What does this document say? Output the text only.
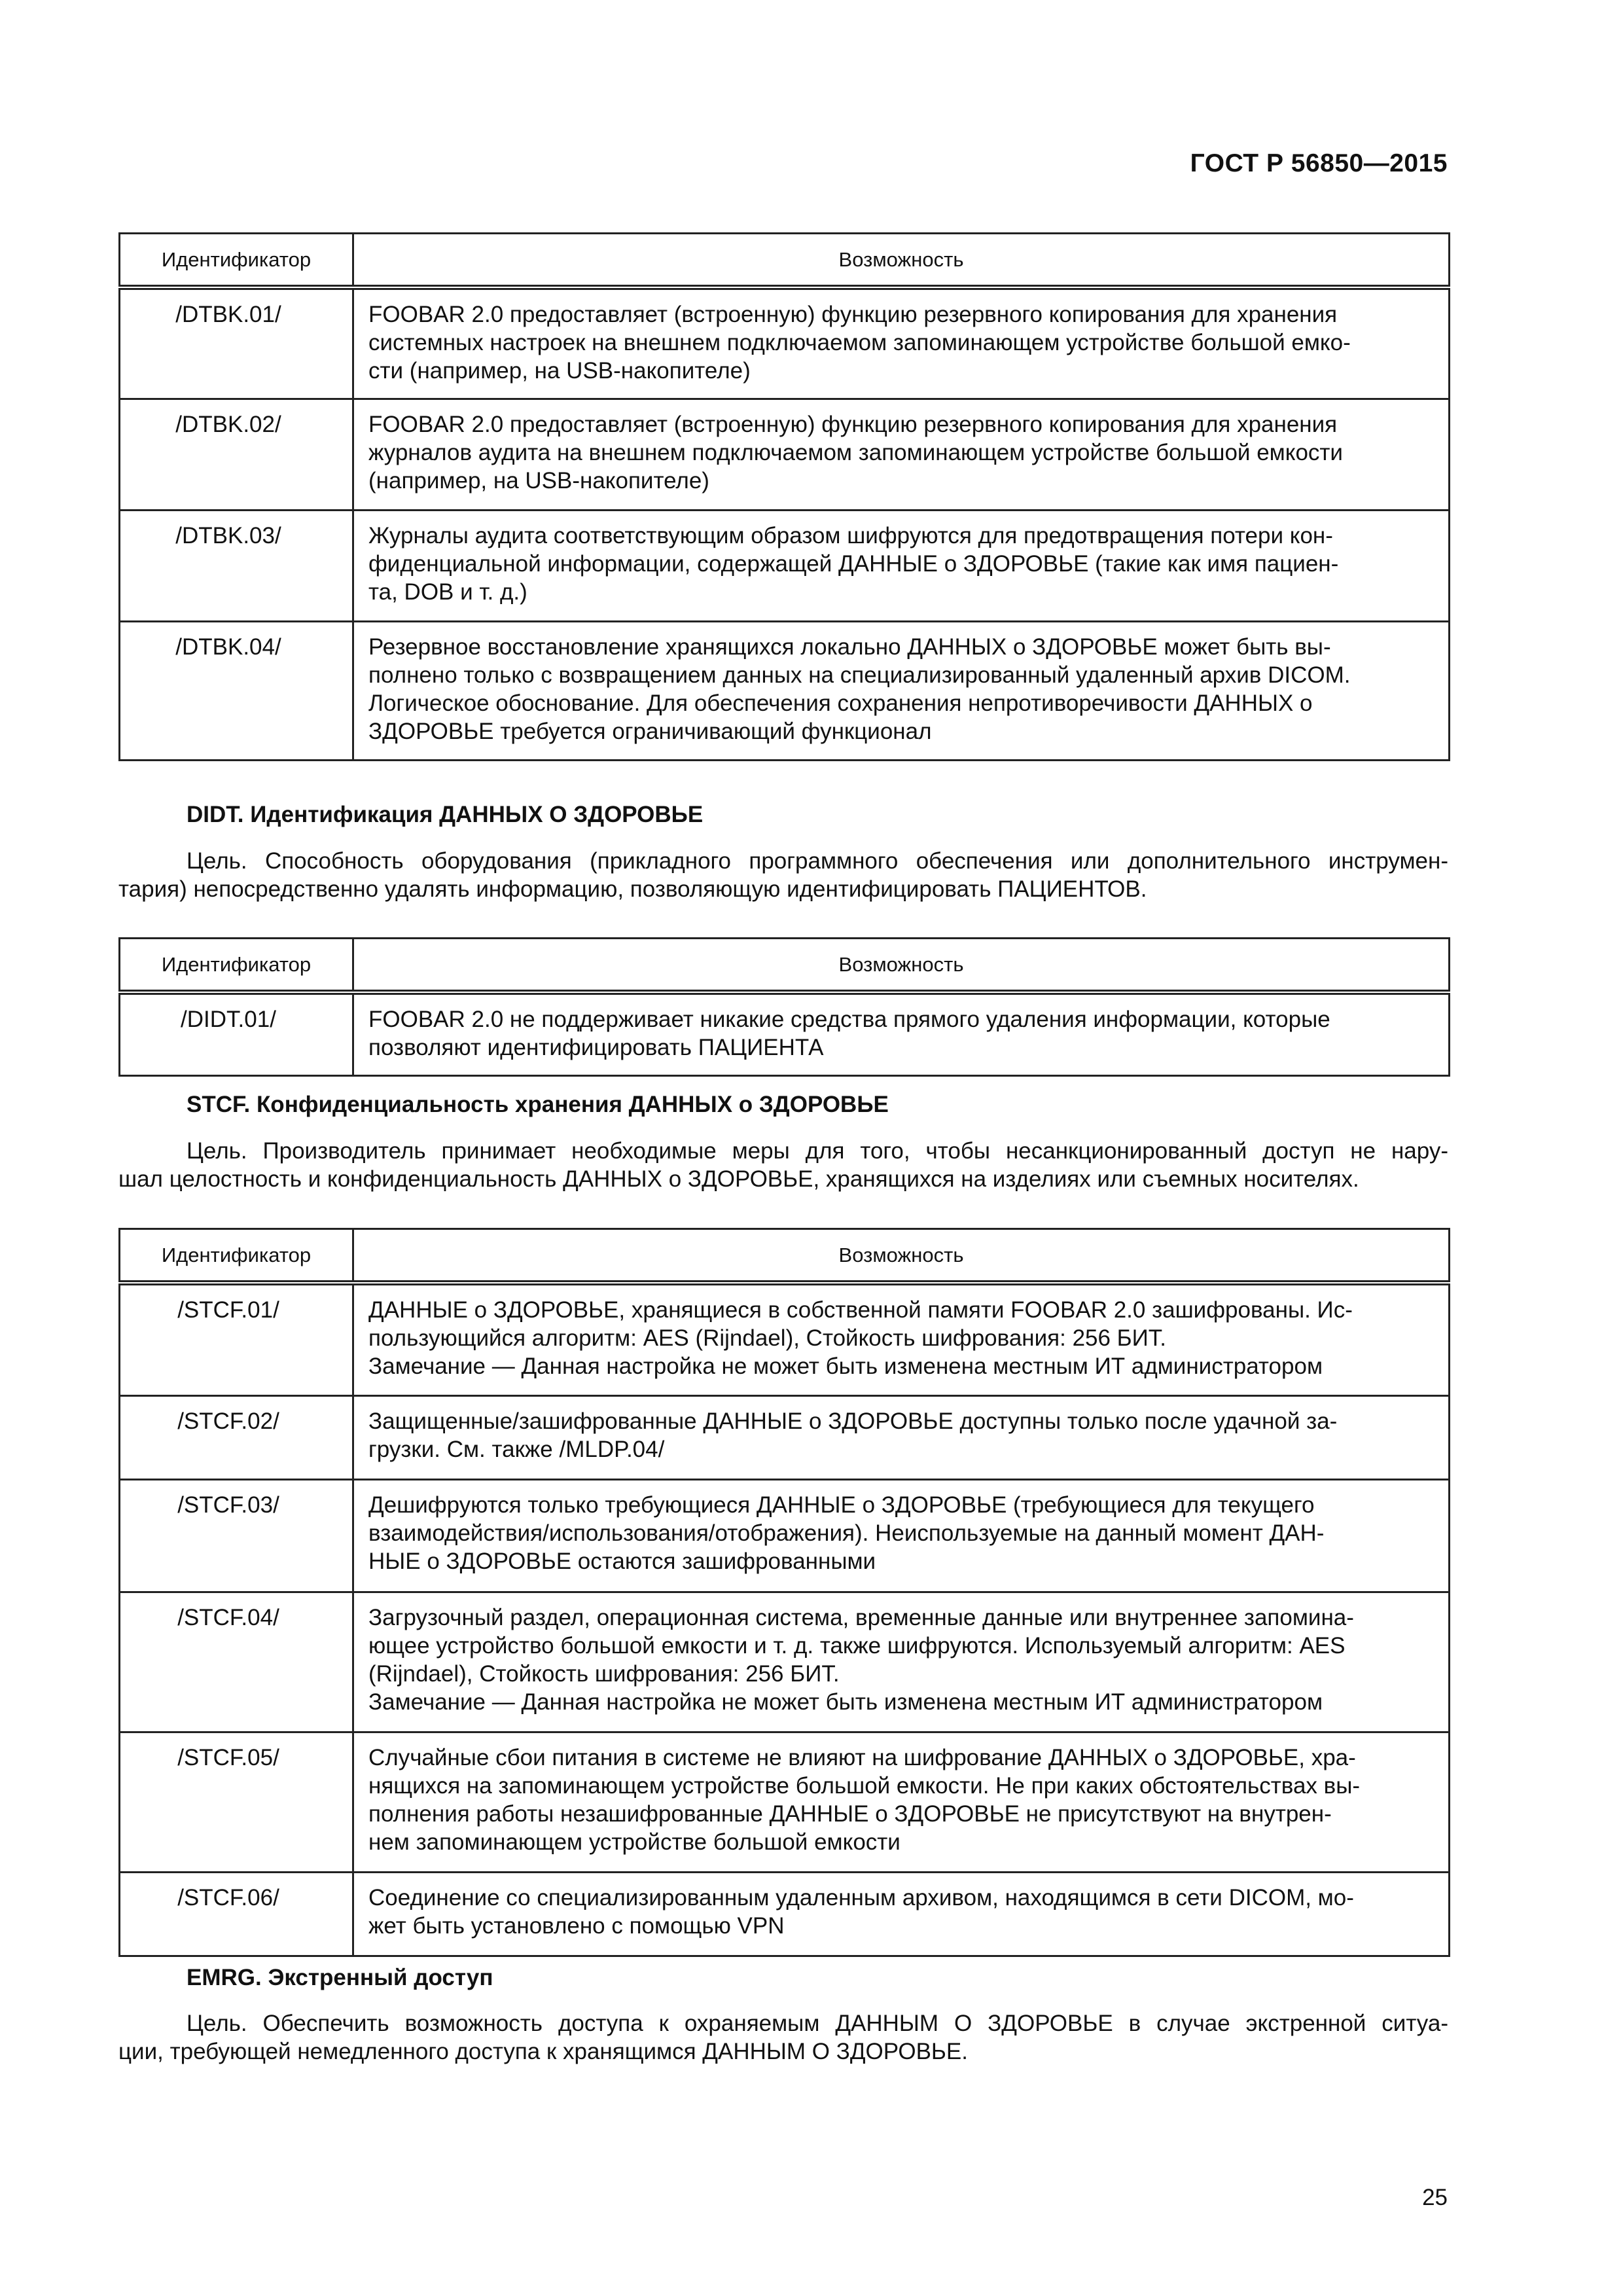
ГОСТ Р 56850—2015
Идентификатор	Возможность
/DTBK.01/	FOOBAR 2.0 предоставляет (встроенную) функцию резервного копирования для хранения
системных настроек на внешнем подключаемом запоминающем устройстве большой емко-
сти (например, на USB-накопителе)

/DTBK.02/	FOOBAR 2.0 предоставляет (встроенную) функцию резервного копирования для хранения
журналов аудита на внешнем подключаемом запоминающем устройстве большой емкости
(например, на USB-накопителе)

/DTBK.03/	Журналы аудита соответствующим образом шифруются для предотвращения потери кон-
фиденциальной информации, содержащей ДАННЫЕ о ЗДОРОВЬЕ (такие как имя пациен-
та, DOB и т. д.)

/DTBK.04/	Резервное восстановление хранящихся локально ДАННЫХ о ЗДОРОВЬЕ может быть вы-
полнено только с возвращением данных на специализированный удаленный архив DICOM.
Логическое обоснование. Для обеспечения сохранения непротиворечивости ДАННЫХ о
ЗДОРОВЬЕ требуется ограничивающий функционал
DIDT. Идентификация ДАННЫХ О ЗДОРОВЬЕ
Цель. Способность оборудования (прикладного программного обеспечения или дополнительного инструмен-
тария) непосредственно удалять информацию, позволяющую идентифицировать ПАЦИЕНТОВ.
Идентификатор	Возможность
/DIDT.01/	FOOBAR 2.0 не поддерживает никакие средства прямого удаления информации, которые
позволяют идентифицировать ПАЦИЕНТА
STCF. Конфиденциальность хранения ДАННЫХ о ЗДОРОВЬЕ
Цель. Производитель принимает необходимые меры для того, чтобы несанкционированный доступ не нару-
шал целостность и конфиденциальность ДАННЫХ о ЗДОРОВЬЕ, хранящихся на изделиях или съемных носителях.
Идентификатор	Возможность
/STCF.01/	ДАННЫЕ о ЗДОРОВЬЕ, хранящиеся в собственной памяти FOOBAR 2.0 зашифрованы. Ис-
пользующийся алгоритм: AES (Rijndael), Стойкость шифрования: 256 БИТ.
Замечание — Данная настройка не может быть изменена местным ИТ администратором

/STCF.02/	Защищенные/зашифрованные ДАННЫЕ о ЗДОРОВЬЕ доступны только после удачной за-
грузки. См. также /MLDP.04/

/STCF.03/	Дешифруются только требующиеся ДАННЫЕ о ЗДОРОВЬЕ (требующиеся для текущего
взаимодействия/использования/отображения). Неиспользуемые на данный момент ДАН-
НЫЕ о ЗДОРОВЬЕ остаются зашифрованными

/STCF.04/	Загрузочный раздел, операционная система, временные данные или внутреннее запомина-
ющее устройство большой емкости и т. д. также шифруются. Используемый алгоритм: AES
(Rijndael), Стойкость шифрования: 256 БИТ.
Замечание — Данная настройка не может быть изменена местным ИТ администратором

/STCF.05/	Случайные сбои питания в системе не влияют на шифрование ДАННЫХ о ЗДОРОВЬЕ, хра-
нящихся на запоминающем устройстве большой емкости. Не при каких обстоятельствах вы-
полнения работы незашифрованные ДАННЫЕ о ЗДОРОВЬЕ не присутствуют на внутрен-
нем запоминающем устройстве большой емкости

/STCF.06/	Соединение со специализированным удаленным архивом, находящимся в сети DICOM, мо-
жет быть установлено с помощью VPN
EMRG. Экстренный доступ
Цель. Обеспечить возможность доступа к охраняемым ДАННЫМ О ЗДОРОВЬЕ в случае экстренной ситуа-
ции, требующей немедленного доступа к хранящимся ДАННЫМ О ЗДОРОВЬЕ.
25
